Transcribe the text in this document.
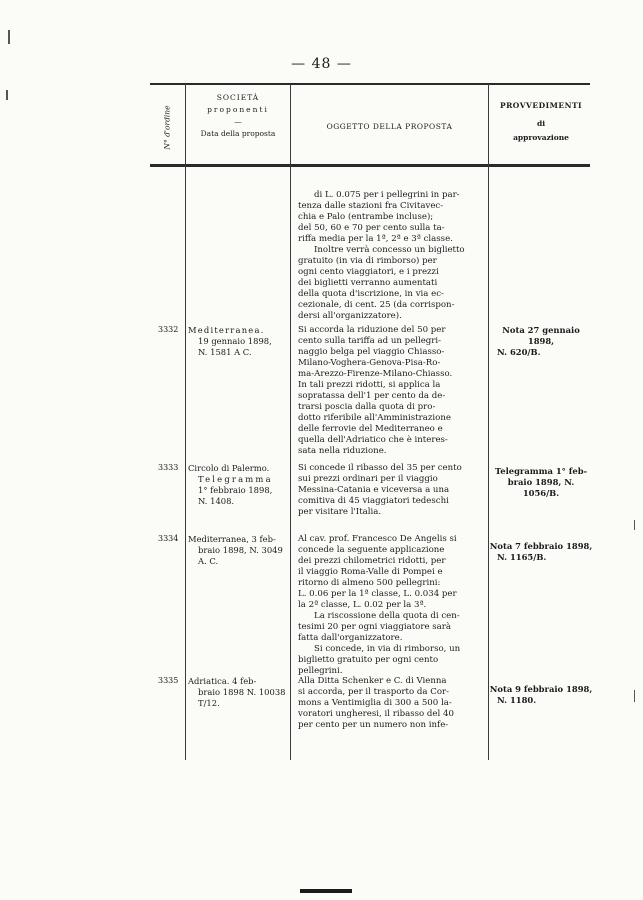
— 48 —
N° d'ordine
SOCIETÀ
proponenti
—
Data della proposta
OGGETTO DELLA PROPOSTA
PROVVEDIMENTI
di
approvazione
di L. 0.075 per i pellegrini in par-
tenza dalle stazioni fra Civitavec-
chia e Palo (entrambe incluse);
del 50, 60 e 70 per cento sulla ta-
riffa media per la 1ª, 2ª e 3ª classe.
Inoltre verrà concesso un biglietto
gratuito (in via di rimborso) per
ogni cento viaggiatori, e i prezzi
dei biglietti verranno aumentati
della quota d'iscrizione, in via ec-
cezionale, di cent. 25 (da corrispon-
dersi all'organizzatore).
3332 Mediterranea.
19 gennaio 1898,
N. 1581 A C.
Si accorda la riduzione del 50 per
cento sulla tariffa ad un pellegri-
naggio belga pel viaggio Chiasso-
Milano-Voghera-Genova-Pisa-Ro-
ma-Arezzo-Firenze-Milano-Chiasso.
In tali prezzi ridotti, si applica la
sopratassa dell'1 per cento da de-
trarsi poscia dalla quota di pro-
dotto riferibile all'Amministrazione
delle ferrovie del Mediterraneo e
quella dell'Adriatico che è interes-
sata nella riduzione.
Nota 27 gennaio 1898,
N. 620/B.
3333 Circolo di Palermo.
Telegramma
1° febbraio 1898,
N. 1408.
Si concede il ribasso del 35 per cento
sui prezzi ordinari per il viaggio
Messina-Catania e viceversa a una
comitiva di 45 viaggiatori tedeschi
per visitare l'Italia.
Telegramma 1° feb-
braio 1898, N. 1056/B.
3334 Mediterranea, 3 feb-
braio 1898, N. 3049
A. C.
Al cav. prof. Francesco De Angelis si
concede la seguente applicazione
dei prezzi chilometrici ridotti, per
il viaggio Roma-Valle di Pompei e
ritorno di almeno 500 pellegrini:
L. 0.06 per la 1ª classe, L. 0.034 per
la 2ª classe, L. 0.02 per la 3ª.
La riscossione della quota di cen-
tesimi 20 per ogni viaggiatore sarà
fatta dall'organizzatore.
Si concede, in via di rimborso, un
biglietto gratuito per ogni cento
pellegrini.
Nota 7 febbraio 1898,
N. 1165/B.
3335 Adriatica. 4 feb-
braio 1898 N. 10038
T/12.
Alla Ditta Schenker e C. di Vienna
si accorda, per il trasporto da Cor-
mons a Ventimiglia di 300 a 500 la-
voratori ungheresi, il ribasso del 40
per cento per un numero non infe-
Nota 9 febbraio 1898,
N. 1180.
